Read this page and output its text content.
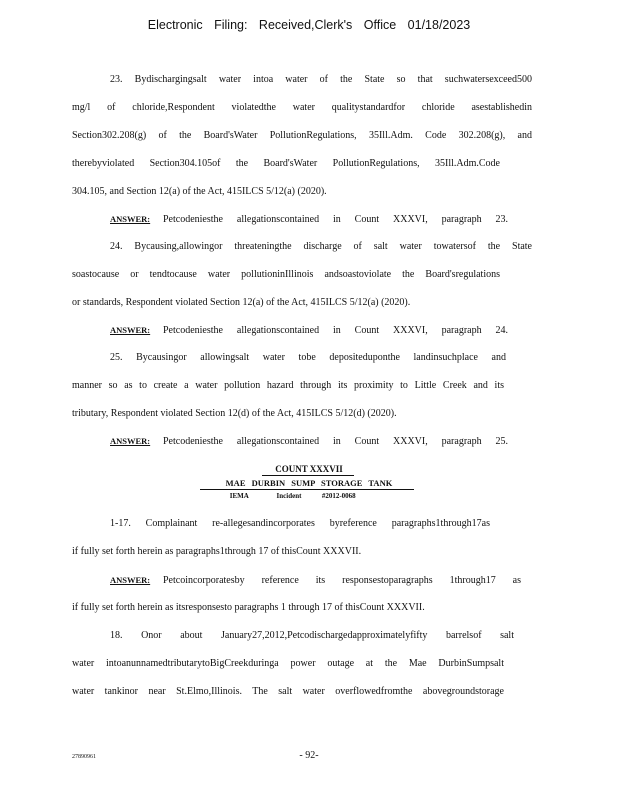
Electronic Filing: Received,Clerk's Office 01/18/2023
23. Bydischargingsalt water intoa water of the State so that suchwatersexceed500
mg/l of chloride,Respondent violatedthe water qualitystandardfor chloride asestablishedin
Section302.208(g) of the Board'sWater PollutionRegulations, 35Ill.Adm. Code 302.208(g), and
therebyviolated Section304.105of the Board'sWater PollutionRegulations, 35Ill.Adm.Code
304.105, and Section 12(a) of the Act, 415ILCS 5/12(a) (2020).
ANSWER: Petcodeniesthe allegationscontained in Count XXXVI, paragraph 23.
24. Bycausing,allowingor threateningthe discharge of salt water towatersof the State
soastocause or tendtocause water pollutioninIllinois andsoastoviolate the Board'sregulations
or standards, Respondent violated Section 12(a) of the Act, 415ILCS 5/12(a) (2020).
ANSWER: Petcodeniesthe allegationscontained in Count XXXVI, paragraph 24.
25. Bycausingor allowingsalt water tobe depositeduponthe landinsuchplace and
manner so as to create a water pollution hazard through its proximity to Little Creek and its
tributary, Respondent violated Section 12(d) of the Act, 415ILCS 5/12(d) (2020).
ANSWER: Petcodeniesthe allegationscontained in Count XXXVI, paragraph 25.
COUNT XXXVII
MAE DURBIN SUMP STORAGE TANK
IEMA	Incident	#2012-0068
1-17. Complainant re-allegesandincorporates byreference paragraphs1through17as
if fully set forth herein as paragraphs1through 17 of thisCount XXXVII.
ANSWER: Petcoincorporatesby reference its responsestoparagraphs 1through17 as
if fully set forth herein as itsresponsesto paragraphs 1 through 17 of thisCount XXXVII.
18. Onor about January27,2012,Petcodischargedapproximatelyfifty barrelsof salt
water intoanunnamedtributarytoBigCreekduringa power outage at the Mae DurbinSumpsalt
water tankinor near St.Elmo,Illinois. The salt water overflowedfromthe abovegroundstorage
27890961	- 92-
